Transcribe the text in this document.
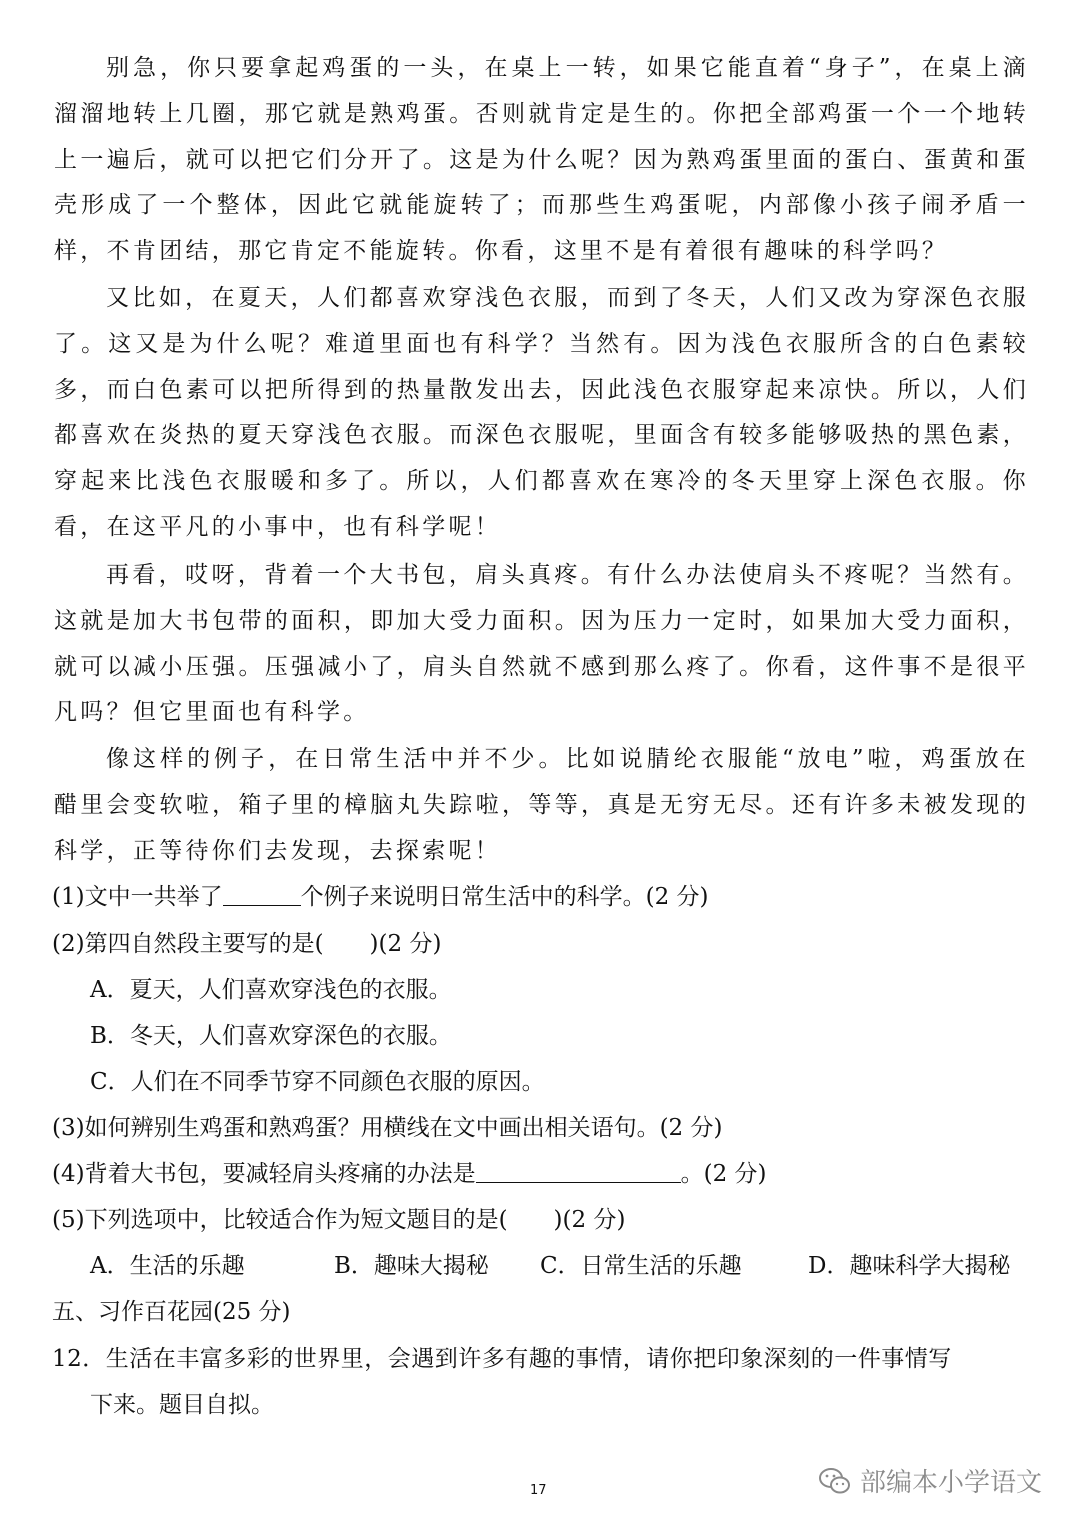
别急，你只要拿起鸡蛋的一头，在桌上一转，如果它能直着“身子”，在桌上滴溜溜地转上几圈，那它就是熟鸡蛋。否则就肯定是生的。你把全部鸡蛋一个一个地转上一遍后，就可以把它们分开了。这是为什么呢？因为熟鸡蛋里面的蛋白、蛋黄和蛋壳形成了一个整体，因此它就能旋转了；而那些生鸡蛋呢，内部像小孩子闹矛盾一样，不肯团结，那它肯定不能旋转。你看，这里不是有着很有趣味的科学吗？

又比如，在夏天，人们都喜欢穿浅色衣服，而到了冬天，人们又改为穿深色衣服了。这又是为什么呢？难道里面也有科学？当然有。因为浅色衣服所含的白色素较多，而白色素可以把所得到的热量散发出去，因此浅色衣服穿起来凉快。所以，人们都喜欢在炎热的夏天穿浅色衣服。而深色衣服呢，里面含有较多能够吸热的黑色素，穿起来比浅色衣服暖和多了。所以，人们都喜欢在寒冷的冬天里穿上深色衣服。你看，在这平凡的小事中，也有科学呢！

再看，哎呀，背着一个大书包，肩头真疼。有什么办法使肩头不疼呢？当然有。这就是加大书包带的面积，即加大受力面积。因为压力一定时，如果加大受力面积，就可以减小压强。压强减小了，肩头自然就不感到那么疼了。你看，这件事不是很平凡吗？但它里面也有科学。

像这样的例子，在日常生活中并不少。比如说腈纶衣服能“放电”啦，鸡蛋放在醋里会变软啦，箱子里的樟脑丸失踪啦，等等，真是无穷无尽。还有许多未被发现的科学，正等待你们去发现，去探索呢！

(1)文中一共举了	个例子来说明日常生活中的科学。(2 分)
(2)第四自然段主要写的是(　　)(2 分)
A．夏天，人们喜欢穿浅色的衣服。
B．冬天，人们喜欢穿深色的衣服。
C．人们在不同季节穿不同颜色衣服的原因。
(3)如何辨别生鸡蛋和熟鸡蛋？用横线在文中画出相关语句。(2 分)
(4)背着大书包，要减轻肩头疼痛的办法是	。(2 分)
(5)下列选项中，比较适合作为短文题目的是(　　)(2 分)
A．生活的乐趣	B．趣味大揭秘 C．日常生活的乐趣	D．趣味科学大揭秘
五、习作百花园(25 分)
12．生活在丰富多彩的世界里，会遇到许多有趣的事情，请你把印象深刻的一件事情写
下来。题目自拟。
17	部编本小学语文
